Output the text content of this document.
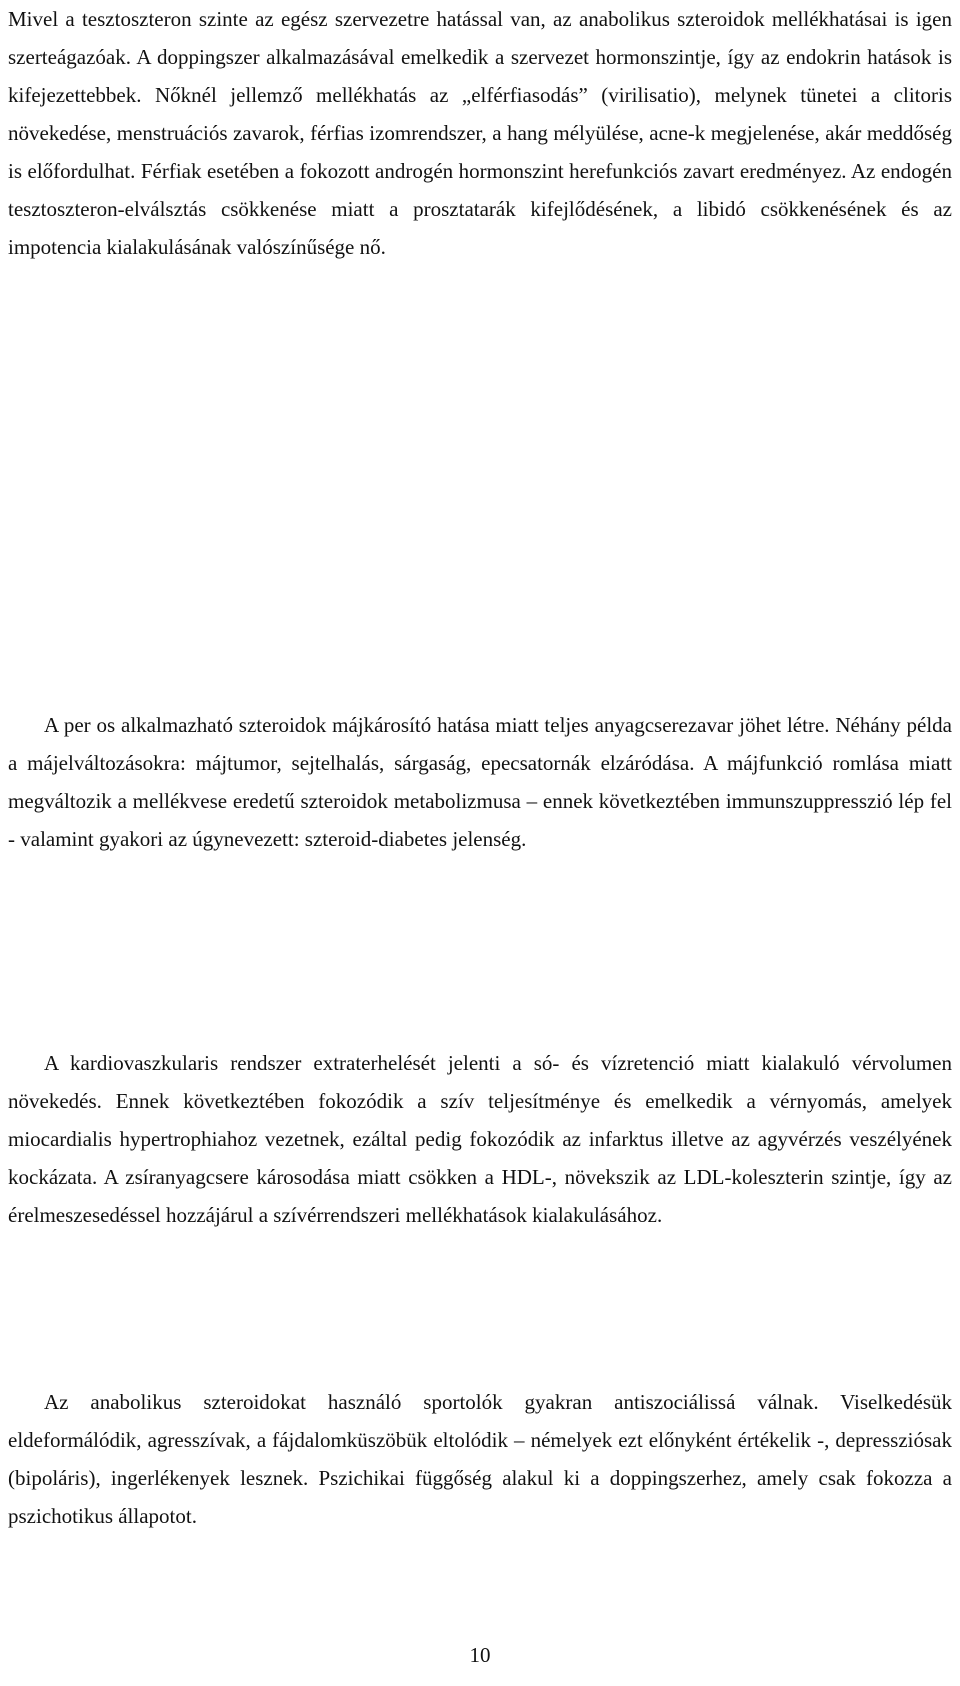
Mivel a tesztoszteron szinte az egész szervezetre hatással van, az anabolikus szteroidok mellékhatásai is igen szerteágazóak. A doppingszer alkalmazásával emelkedik a szervezet hormonszintje, így az endokrin hatások is kifejezettebbek. Nőknél jellemző mellékhatás az „elférfiasodás” (virilisatio), melynek tünetei a clitoris növekedése, menstruációs zavarok, férfias izomrendszer, a hang mélyülése, acne-k megjelenése, akár meddőség is előfordulhat. Férfiak esetében a fokozott androgén hormonszint herefunkciós zavart eredményez. Az endogén tesztoszteron-elválsztás csökkenése miatt a prosztatarák kifejlődésének, a libidó csökkenésének és az impotencia kialakulásának valószínűsége nő.

A per os alkalmazható szteroidok májkárosító hatása miatt teljes anyagcserezavar jöhet létre. Néhány példa a májelváltozásokra: májtumor, sejtelhalás, sárgaság, epecsatornák elzáródása. A májfunkció romlása miatt megváltozik a mellékvese eredetű szteroidok metabolizmusa – ennek következtében immunszuppresszió lép fel - valamint gyakori az úgynevezett: szteroid-diabetes jelenség.

A kardiovaszkularis rendszer extraterhelését jelenti a só- és vízretenció miatt kialakuló vérvolumen növekedés. Ennek következtében fokozódik a szív teljesítménye és emelkedik a vérnyomás, amelyek miocardialis hypertrophiahoz vezetnek, ezáltal pedig fokozódik az infarktus illetve az agyvérzés veszélyének kockázata. A zsíranyagcsere károsodása miatt csökken a HDL-, növekszik az LDL-koleszterin szintje, így az érelmeszesedéssel hozzájárul a szívérrendszeri mellékhatások kialakulásához.

Az anabolikus szteroidokat használó sportolók gyakran antiszociálissá válnak. Viselkedésük eldeformálódik, agresszívak, a fájdalomküszöbük eltolódik – némelyek ezt előnyként értékelik -, depressziósak (bipoláris), ingerlékenyek lesznek. Pszichikai függőség alakul ki a doppingszerhez, amely csak fokozza a pszichotikus állapotot.

10
